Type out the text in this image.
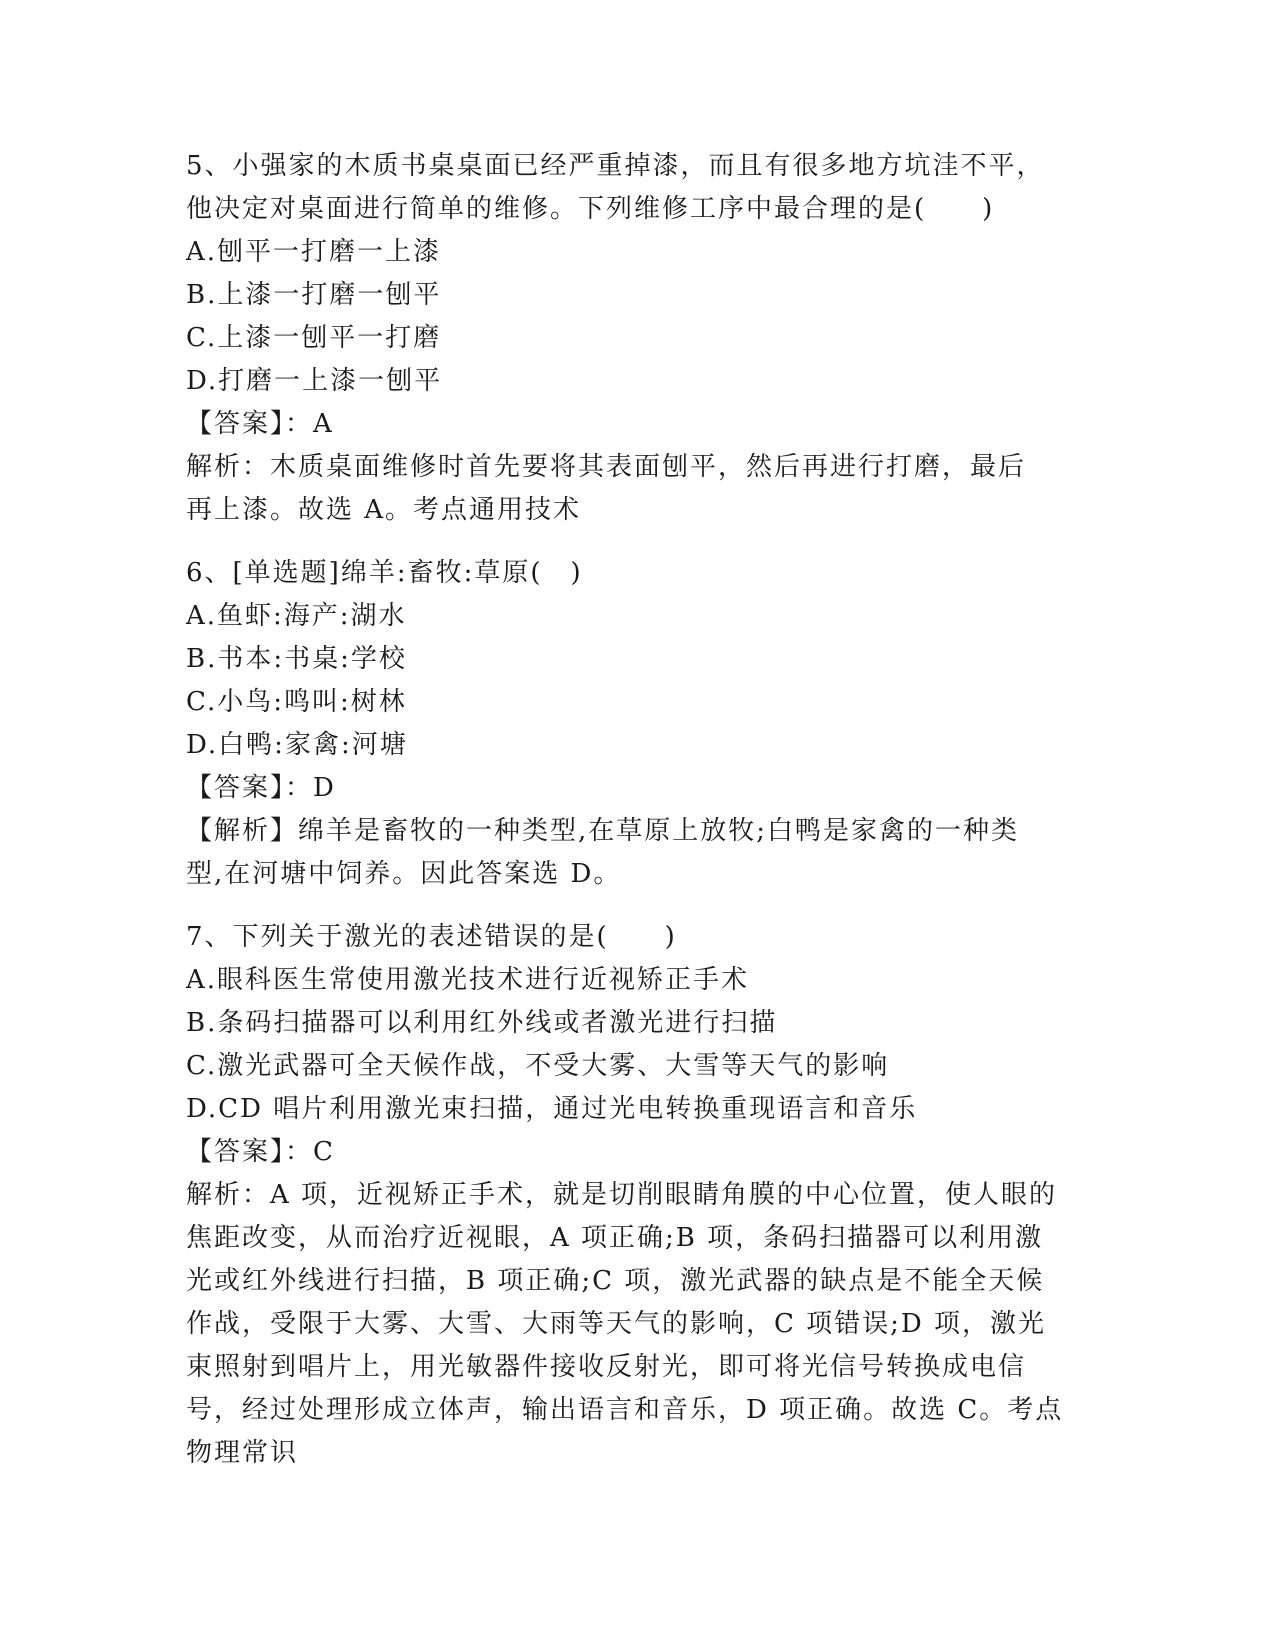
5、小强家的木质书桌桌面已经严重掉漆，而且有很多地方坑洼不平，
他决定对桌面进行简单的维修。下列维修工序中最合理的是(　　)
A.刨平一打磨一上漆
B.上漆一打磨一刨平
C.上漆一刨平一打磨
D.打磨一上漆一刨平
【答案】：A
解析：木质桌面维修时首先要将其表面刨平，然后再进行打磨，最后
再上漆。故选 A。考点通用技术
6、[单选题]绵羊:畜牧:草原(　)
A.鱼虾:海产:湖水
B.书本:书桌:学校
C.小鸟:鸣叫:树林
D.白鸭:家禽:河塘
【答案】：D
【解析】绵羊是畜牧的一种类型,在草原上放牧;白鸭是家禽的一种类
型,在河塘中饲养。因此答案选 D。
7、下列关于激光的表述错误的是(　　)
A.眼科医生常使用激光技术进行近视矫正手术
B.条码扫描器可以利用红外线或者激光进行扫描
C.激光武器可全天候作战，不受大雾、大雪等天气的影响
D.CD 唱片利用激光束扫描，通过光电转换重现语言和音乐
【答案】：C
解析：A 项，近视矫正手术，就是切削眼睛角膜的中心位置，使人眼的
焦距改变，从而治疗近视眼，A 项正确;B 项，条码扫描器可以利用激
光或红外线进行扫描，B 项正确;C 项，激光武器的缺点是不能全天候
作战，受限于大雾、大雪、大雨等天气的影响，C 项错误;D 项，激光
束照射到唱片上，用光敏器件接收反射光，即可将光信号转换成电信
号，经过处理形成立体声，输出语言和音乐，D 项正确。故选 C。考点
物理常识
